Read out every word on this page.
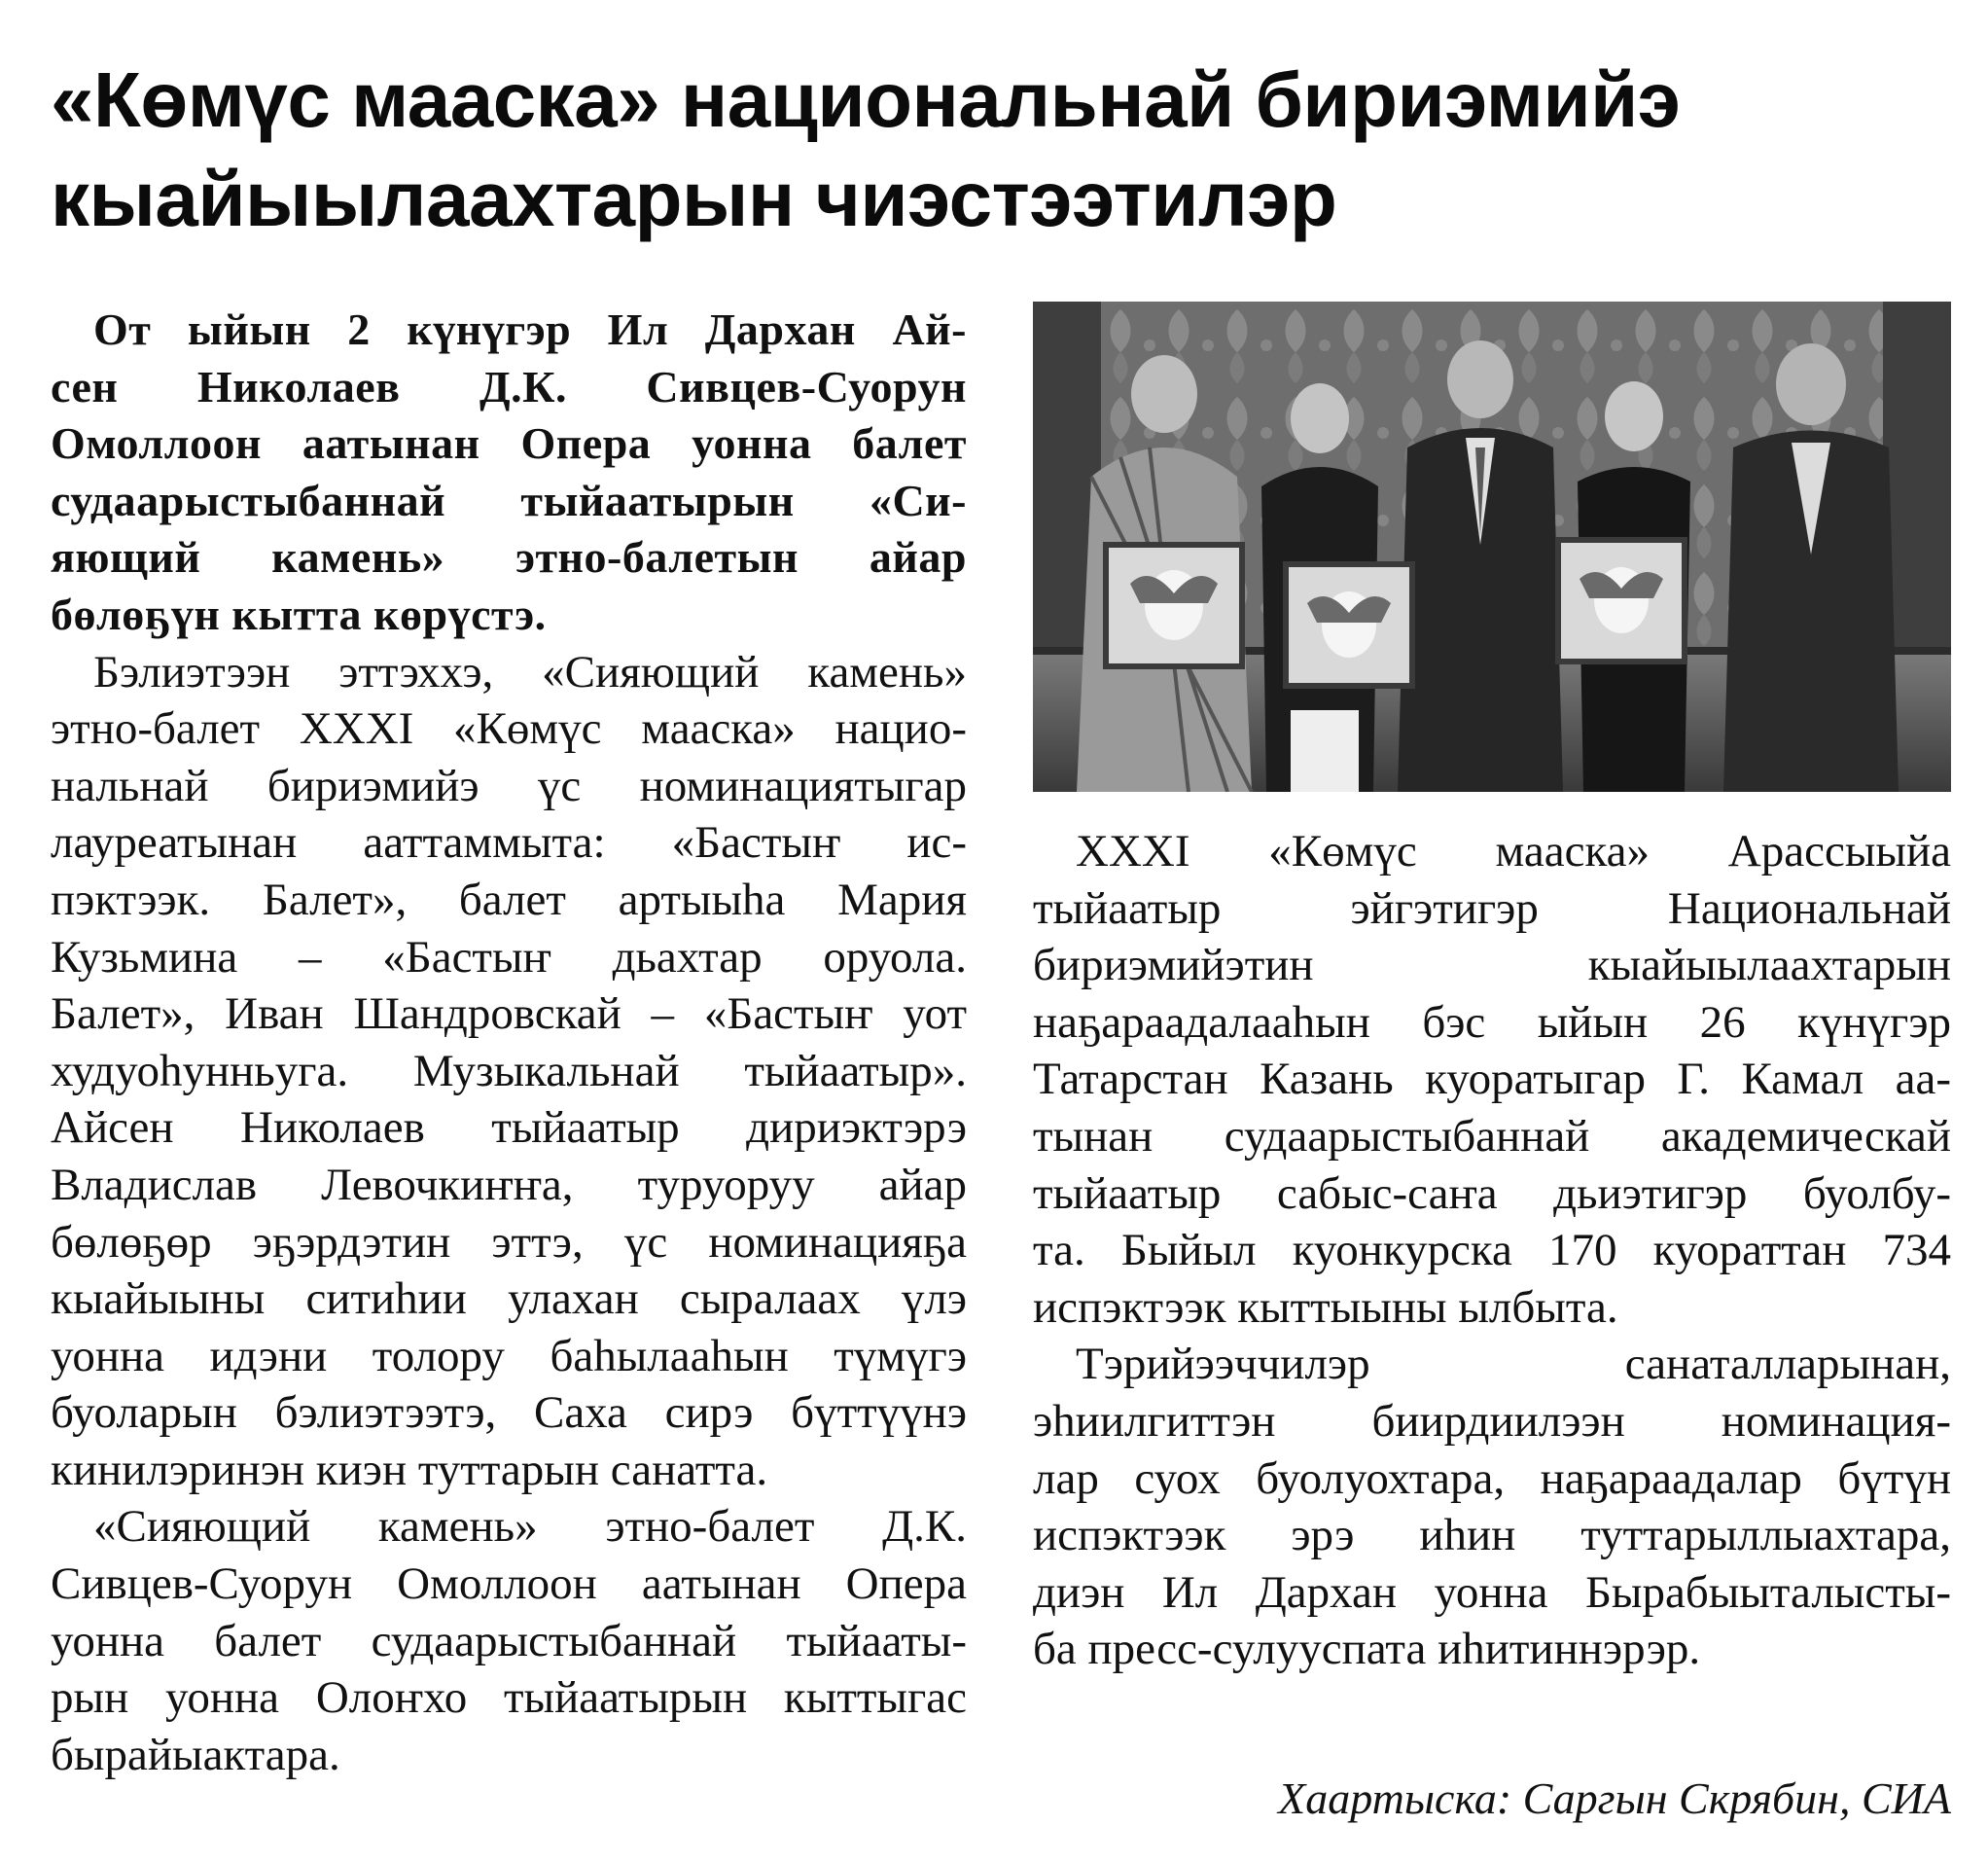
«Көмүс мааска» национальнай бириэмийэ
кыайыылаахтарын чиэстээтилэр
От ыйын 2 күнүгэр Ил Дархан Ай-
сен Николаев Д.К. Сивцев-Суорун
Омоллоон аатынан Опера уонна балет
судаарыстыбаннай тыйаатырын «Си-
яющий камень» этно-балетын айар
бөлөҕүн кытта көрүстэ.
Бэлиэтээн эттэххэ, «Сияющий камень»
этно-балет XXXI «Көмүс мааска» нацио-
нальнай бириэмийэ үс номинациятыгар
лауреатынан ааттаммыта: «Бастыҥ ис-
пэктээк. Балет», балет артыыһа Мария
Кузьмина – «Бастыҥ дьахтар оруола.
Балет», Иван Шандровскай – «Бастыҥ уот
худуоһунньуга. Музыкальнай тыйаатыр».
Айсен Николаев тыйаатыр дириэктэрэ
Владислав Левочкиҥҥа, туруоруу айар
бөлөҕөр эҕэрдэтин эттэ, үс номинацияҕа
кыайыыны ситиһии улахан сыралаах үлэ
уонна идэни толору баһылааһын түмүгэ
буоларын бэлиэтээтэ, Саха сирэ бүттүүнэ
кинилэринэн киэн туттарын санатта.
«Сияющий камень» этно-балет Д.К.
Сивцев-Суорун Омоллоон аатынан Опера
уонна балет судаарыстыбаннай тыйааты-
рын уонна Олоҥхо тыйаатырын кыттыгас
бырайыактара.
XXXI «Көмүс мааска» Арассыыйа
тыйаатыр эйгэтигэр Национальнай
бириэмийэтин кыайыылаахтарын
наҕараадалааһын бэс ыйын 26 күнүгэр
Татарстан Казань куоратыгар Г. Камал аа-
тынан судаарыстыбаннай академическай
тыйаатыр сабыс-саҥа дьиэтигэр буолбу-
та. Быйыл куонкурска 170 куораттан 734
испэктээк кыттыыны ылбыта.
Тэрийээччилэр санаталларынан,
эһиилгиттэн биирдиилээн номинация-
лар суох буолуохтара, наҕараадалар бүтүн
испэктээк эрэ иһин туттарыллыахтара,
диэн Ил Дархан уонна Бырабыыталысты-
ба пресс-сулууспата иһитиннэрэр.
Хаартыска: Саргын Скрябин, СИА
